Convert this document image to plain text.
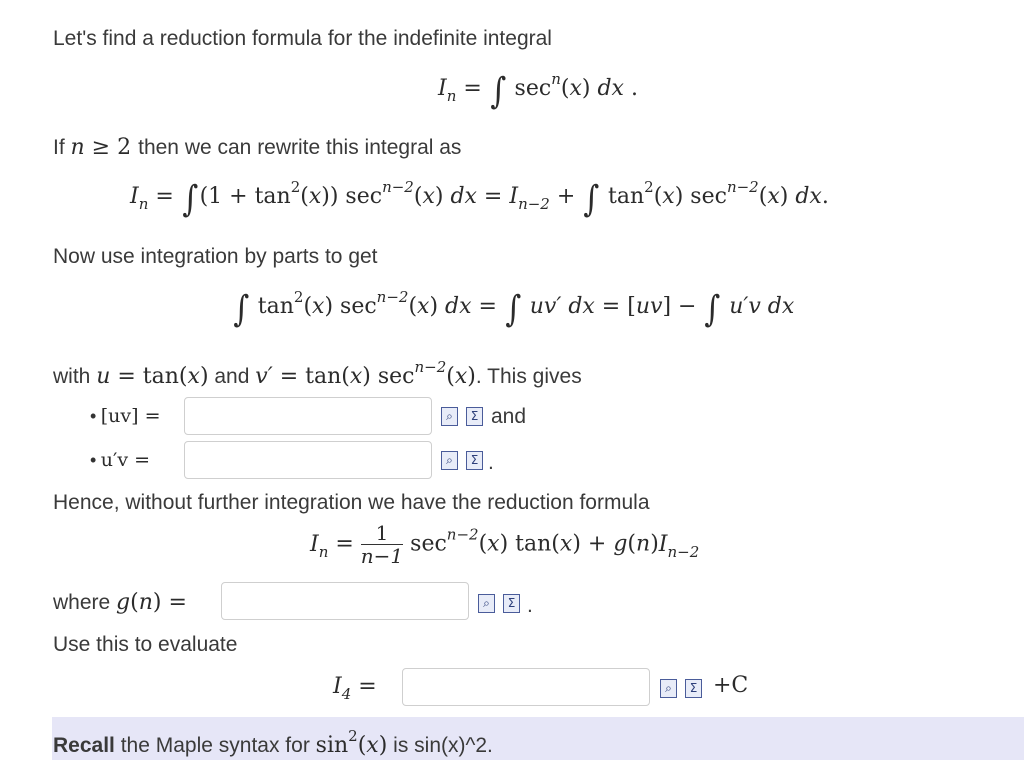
Let's find a reduction formula for the indefinite integral
$I_n$ = ∫ $\sec^n(x)$ dx .
If n ≥ 2 then we can rewrite this integral as
$I_n = \int(1 + \tan^2(x))$ $\sec^{n-2}(x)$ dx = $I_{n-2}$ + ∫ $\tan^2(x)$ $\sec^{n-2}(x)$ dx.
Now use integration by parts to get
∫ $\tan^2(x)$ $\sec^{n-2}(x)$ dx = ∫ uv′ dx = [uv] − ∫ u′v dx
with u = tan(x) and v′ = tan(x) $\sec^{n-2}(x)$. This gives
• [uv] =	⌕	Σ and
• u′v =	⌕	Σ .
Hence, without further integration we have the reduction formula
$I_n = \frac{1}{n-1} \sec^{n-2}(x) \tan(x) + g(n)I_{n-2}$
where g(n) =	⌕	Σ .
Use this to evaluate
$I_4$ =	⌕	Σ +C
Recall the Maple syntax for $\sin^2(x)$ is sin(x)^2.
